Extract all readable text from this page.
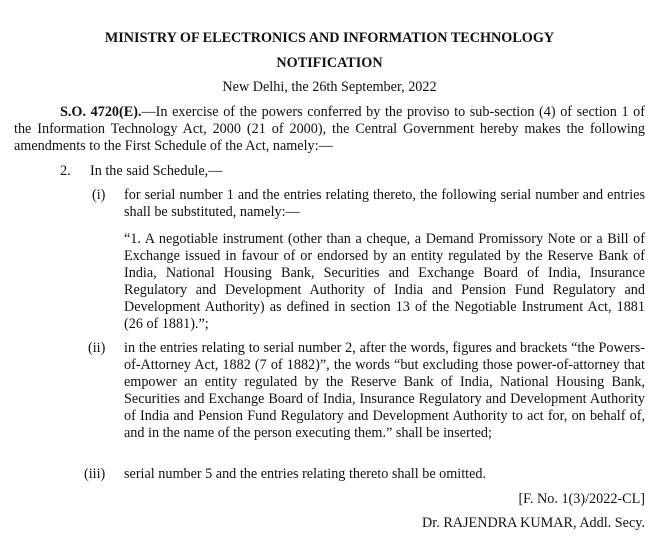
MINISTRY OF ELECTRONICS AND INFORMATION TECHNOLOGY
NOTIFICATION
New Delhi, the 26th September, 2022
S.O. 4720(E).—In exercise of the powers conferred by the proviso to sub-section (4) of section 1 of the Information Technology Act, 2000 (21 of 2000), the Central Government hereby makes the following amendments to the First Schedule of the Act, namely:—
2. In the said Schedule,—
(i) for serial number 1 and the entries relating thereto, the following serial number and entries shall be substituted, namely:—
“1. A negotiable instrument (other than a cheque, a Demand Promissory Note or a Bill of Exchange issued in favour of or endorsed by an entity regulated by the Reserve Bank of India, National Housing Bank, Securities and Exchange Board of India, Insurance Regulatory and Development Authority of India and Pension Fund Regulatory and Development Authority) as defined in section 13 of the Negotiable Instrument Act, 1881 (26 of 1881).”;
(ii) in the entries relating to serial number 2, after the words, figures and brackets “the Powers-of-Attorney Act, 1882 (7 of 1882)”, the words “but excluding those power-of-attorney that empower an entity regulated by the Reserve Bank of India, National Housing Bank, Securities and Exchange Board of India, Insurance Regulatory and Development Authority of India and Pension Fund Regulatory and Development Authority to act for, on behalf of, and in the name of the person executing them.” shall be inserted;
(iii) serial number 5 and the entries relating thereto shall be omitted.
[F. No. 1(3)/2022-CL]
Dr. RAJENDRA KUMAR, Addl. Secy.
